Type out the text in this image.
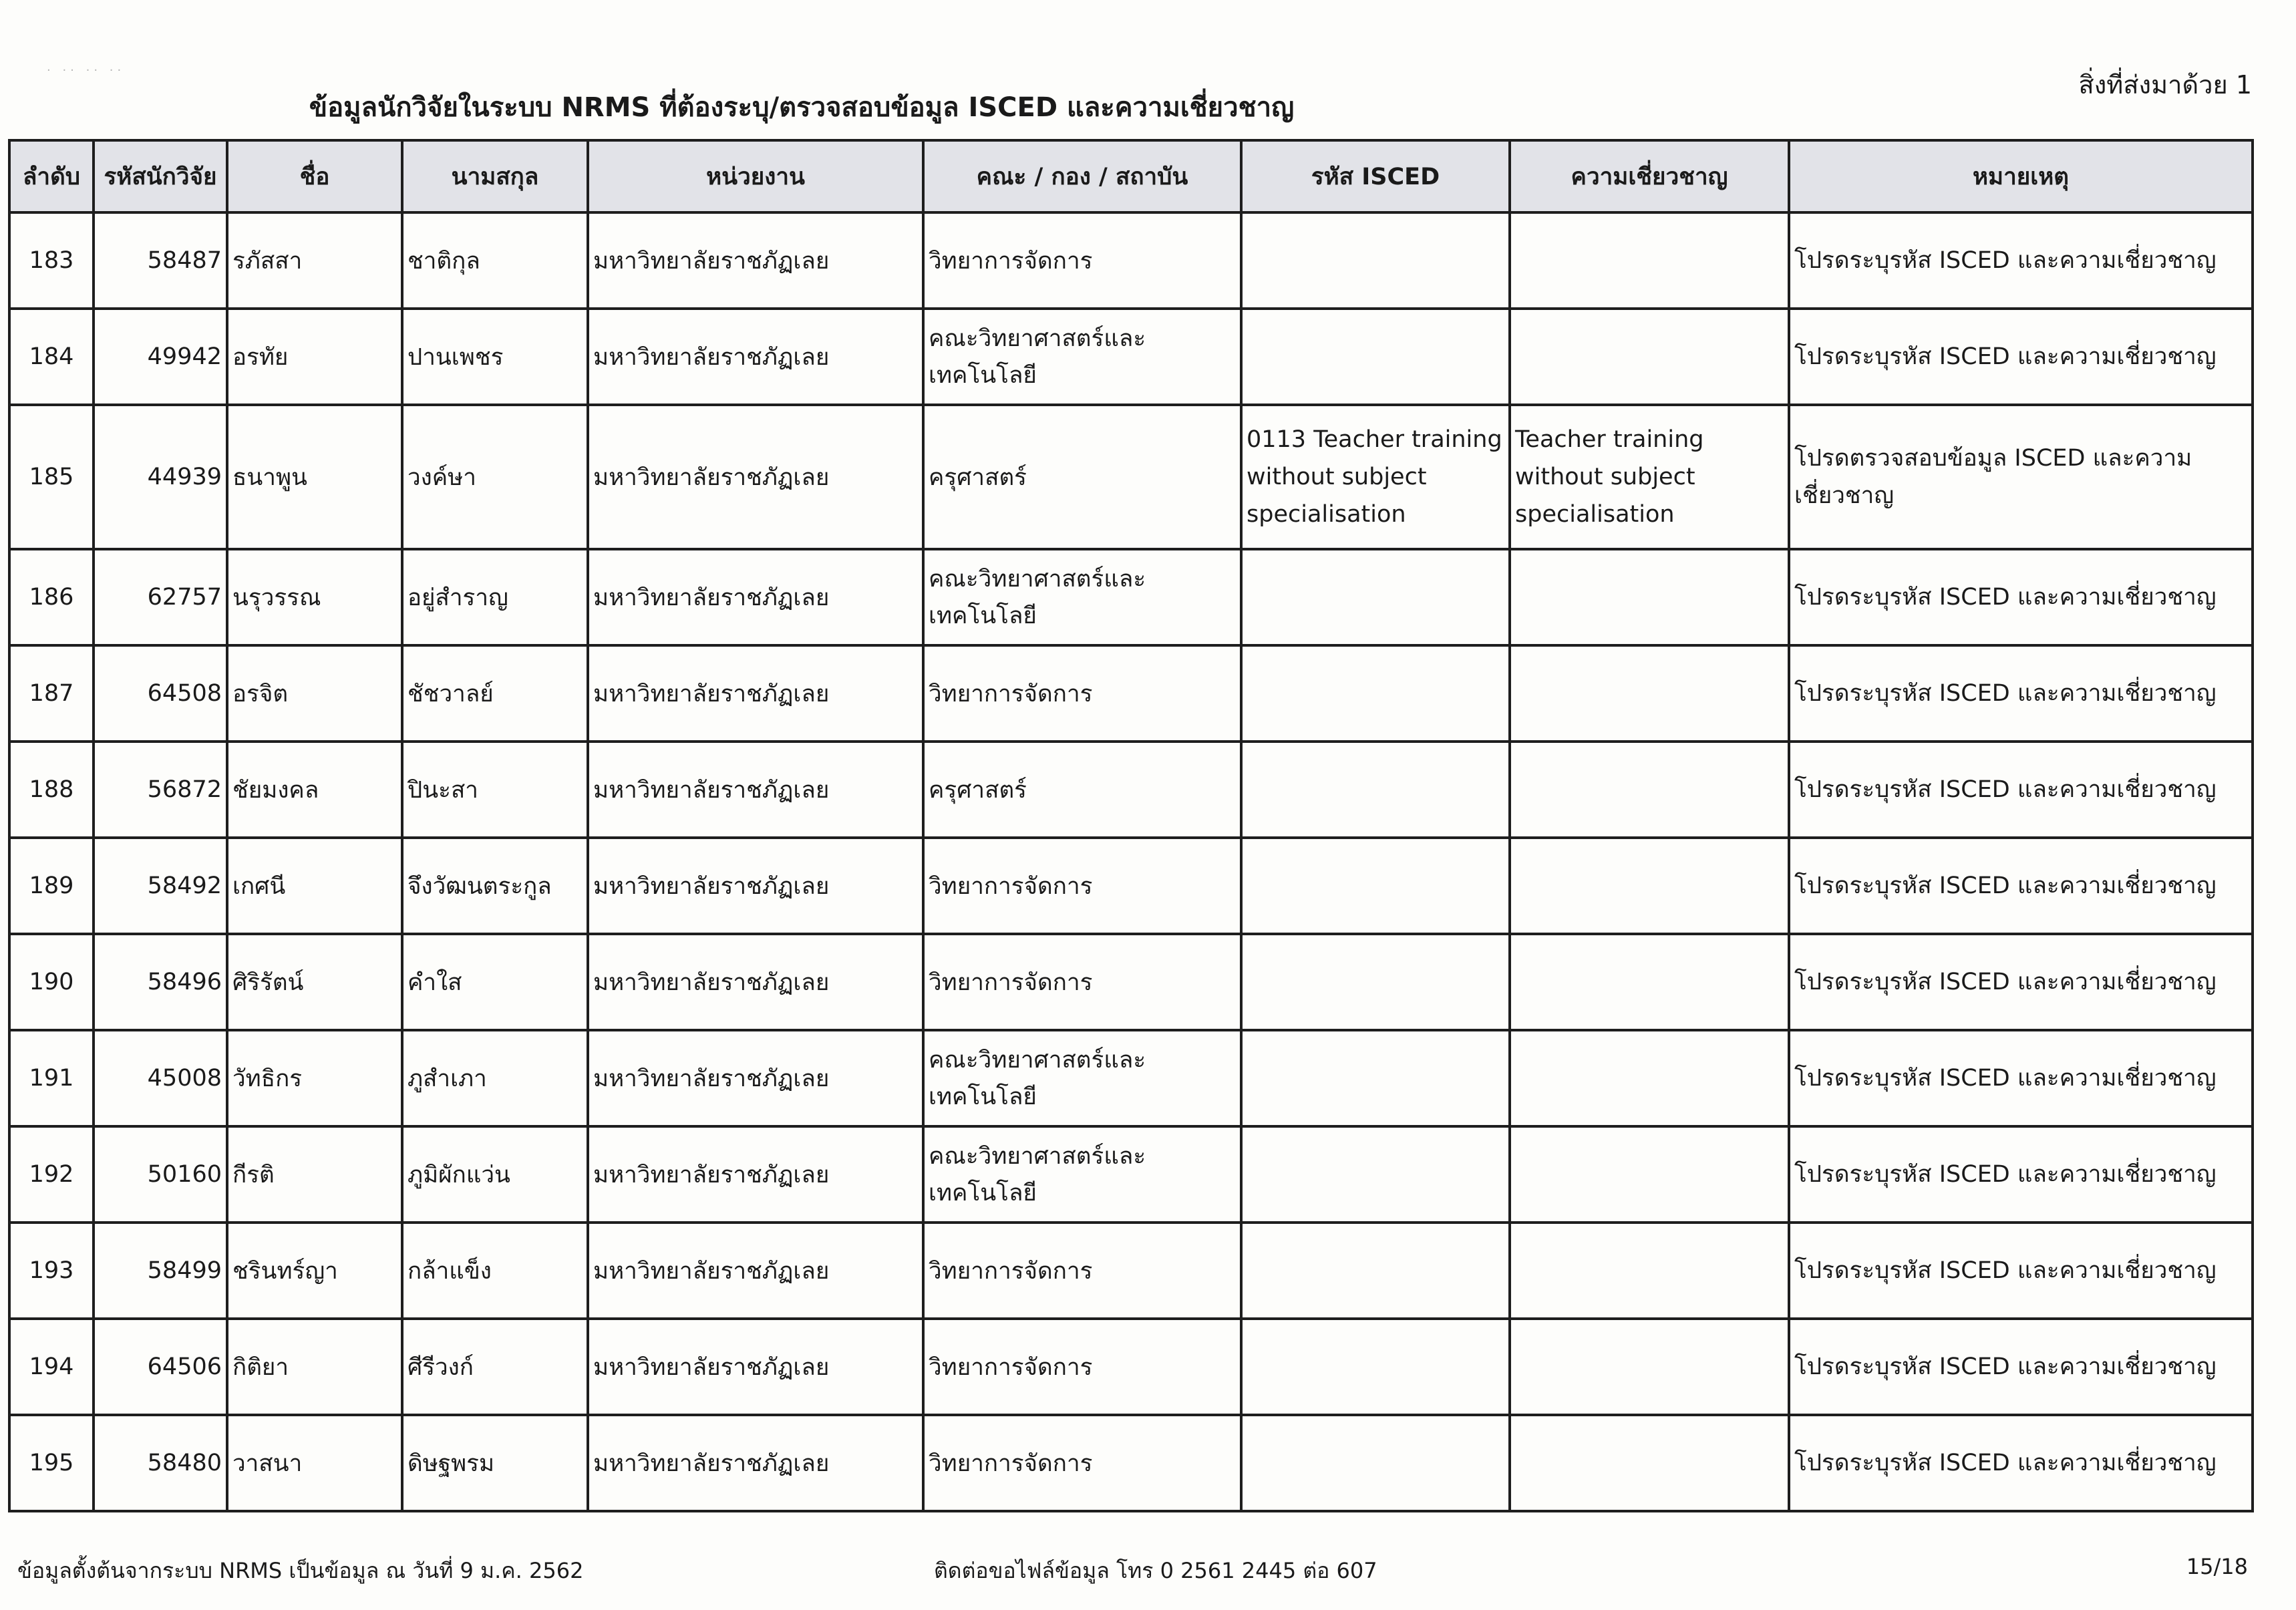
· ·· ·· ··	สิ่งที่ส่งมาด้วย 1
ข้อมูลนักวิจัยในระบบ NRMS ที่ต้องระบุ/ตรวจสอบข้อมูล ISCED และความเชี่ยวชาญ
ลำดับ	รหัสนักวิจัย	ชื่อ	นามสกุล	หน่วยงาน	คณะ / กอง / สถาบัน	รหัส ISCED	ความเชี่ยวชาญ	หมายเหตุ
183	58487	รภัสสา	ชาติกุล	มหาวิทยาลัยราชภัฏเลย	วิทยาการจัดการ			โปรดระบุรหัส ISCED และความเชี่ยวชาญ
184	49942	อรทัย	ปานเพชร	มหาวิทยาลัยราชภัฏเลย	คณะวิทยาศาสตร์และเทคโนโลยี			โปรดระบุรหัส ISCED และความเชี่ยวชาญ
185	44939	ธนาพูน	วงค์ษา	มหาวิทยาลัยราชภัฏเลย	ครุศาสตร์	0113 Teacher training without subject specialisation	Teacher training without subject specialisation	โปรดตรวจสอบข้อมูล ISCED และความเชี่ยวชาญ
186	62757	นรุวรรณ	อยู่สำราญ	มหาวิทยาลัยราชภัฏเลย	คณะวิทยาศาสตร์และเทคโนโลยี			โปรดระบุรหัส ISCED และความเชี่ยวชาญ
187	64508	อรจิต	ชัชวาลย์	มหาวิทยาลัยราชภัฏเลย	วิทยาการจัดการ			โปรดระบุรหัส ISCED และความเชี่ยวชาญ
188	56872	ชัยมงคล	ปินะสา	มหาวิทยาลัยราชภัฏเลย	ครุศาสตร์			โปรดระบุรหัส ISCED และความเชี่ยวชาญ
189	58492	เกศนี	จึงวัฒนตระกูล	มหาวิทยาลัยราชภัฏเลย	วิทยาการจัดการ			โปรดระบุรหัส ISCED และความเชี่ยวชาญ
190	58496	ศิริรัตน์	คำใส	มหาวิทยาลัยราชภัฏเลย	วิทยาการจัดการ			โปรดระบุรหัส ISCED และความเชี่ยวชาญ
191	45008	วัทธิกร	ภูสำเภา	มหาวิทยาลัยราชภัฏเลย	คณะวิทยาศาสตร์และเทคโนโลยี			โปรดระบุรหัส ISCED และความเชี่ยวชาญ
192	50160	กีรติ	ภูมิผักแว่น	มหาวิทยาลัยราชภัฏเลย	คณะวิทยาศาสตร์และเทคโนโลยี			โปรดระบุรหัส ISCED และความเชี่ยวชาญ
193	58499	ชรินทร์ญา	กล้าแข็ง	มหาวิทยาลัยราชภัฏเลย	วิทยาการจัดการ			โปรดระบุรหัส ISCED และความเชี่ยวชาญ
194	64506	กิติยา	ศีรีวงก์	มหาวิทยาลัยราชภัฏเลย	วิทยาการจัดการ			โปรดระบุรหัส ISCED และความเชี่ยวชาญ
195	58480	วาสนา	ดิษฐพรม	มหาวิทยาลัยราชภัฏเลย	วิทยาการจัดการ			โปรดระบุรหัส ISCED และความเชี่ยวชาญ
ข้อมูลตั้งต้นจากระบบ NRMS เป็นข้อมูล ณ วันที่ 9 ม.ค. 2562	ติดต่อขอไฟล์ข้อมูล โทร 0 2561 2445 ต่อ 607	15/18
